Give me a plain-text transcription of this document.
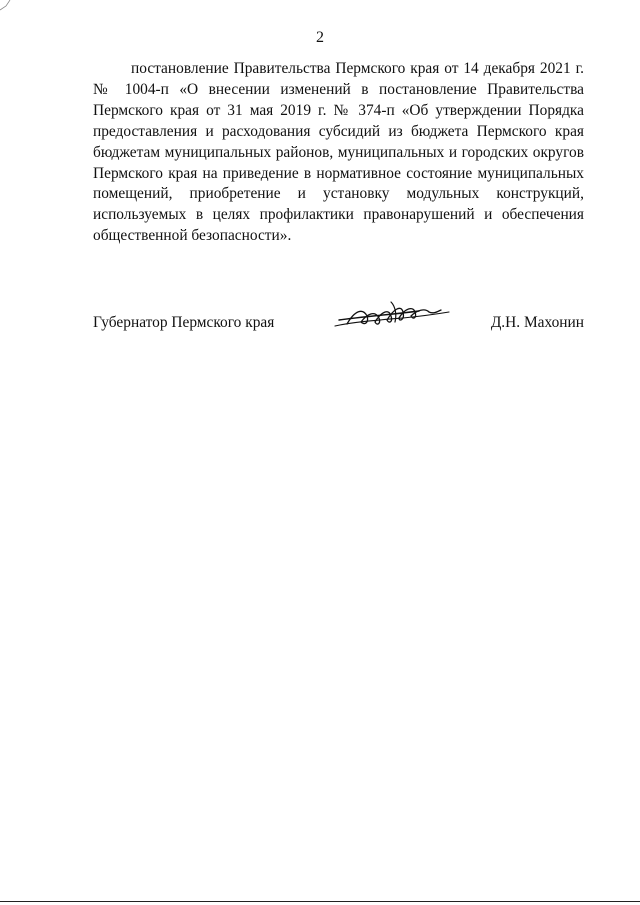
2

постановление Правительства Пермского края от 14 декабря 2021 г. № 1004-п «О внесении изменений в постановление Правительства Пермского края от 31 мая 2019 г. № 374-п «Об утверждении Порядка предоставления и расходования субсидий из бюджета Пермского края бюджетам муниципальных районов, муниципальных и городских округов Пермского края на приведение в нормативное состояние муниципальных помещений, приобретение и установку модульных конструкций, используемых в целях профилактики правонарушений и обеспечения общественной безопасности».

Губернатор Пермского края	Д.Н. Махонин
